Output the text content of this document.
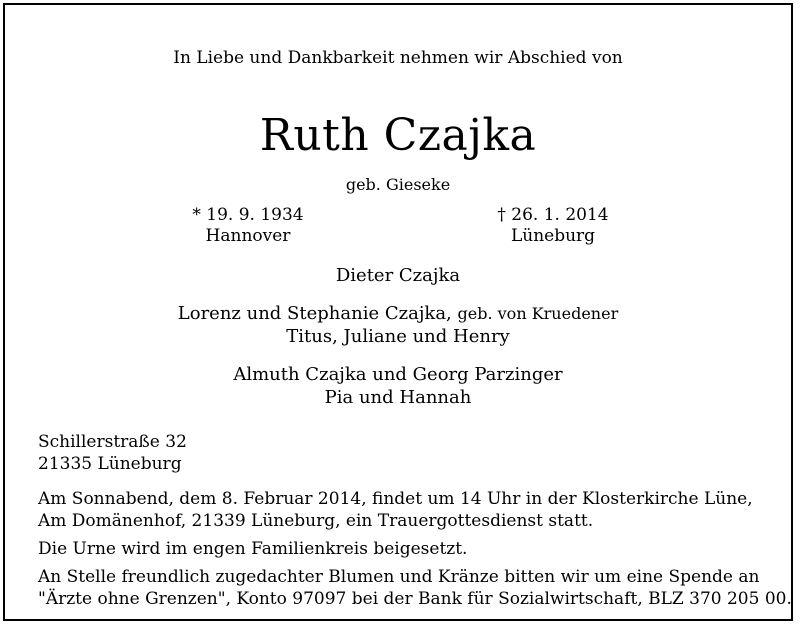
In Liebe und Dankbarkeit nehmen wir Abschied von
Ruth Czajka
geb. Gieseke
* 19. 9. 1934
Hannover
† 26. 1. 2014
Lüneburg
Dieter Czajka
Lorenz und Stephanie Czajka, geb. von Kruedener
Titus, Juliane und Henry
Almuth Czajka und Georg Parzinger
Pia und Hannah
Schillerstraße 32
21335 Lüneburg
Am Sonnabend, dem 8. Februar 2014, findet um 14 Uhr in der Klosterkirche Lüne,
Am Domänenhof, 21339 Lüneburg, ein Trauergottesdienst statt.
Die Urne wird im engen Familienkreis beigesetzt.
An Stelle freundlich zugedachter Blumen und Kränze bitten wir um eine Spende an
"Ärzte ohne Grenzen", Konto 97097 bei der Bank für Sozialwirtschaft, BLZ 370 205 00.
